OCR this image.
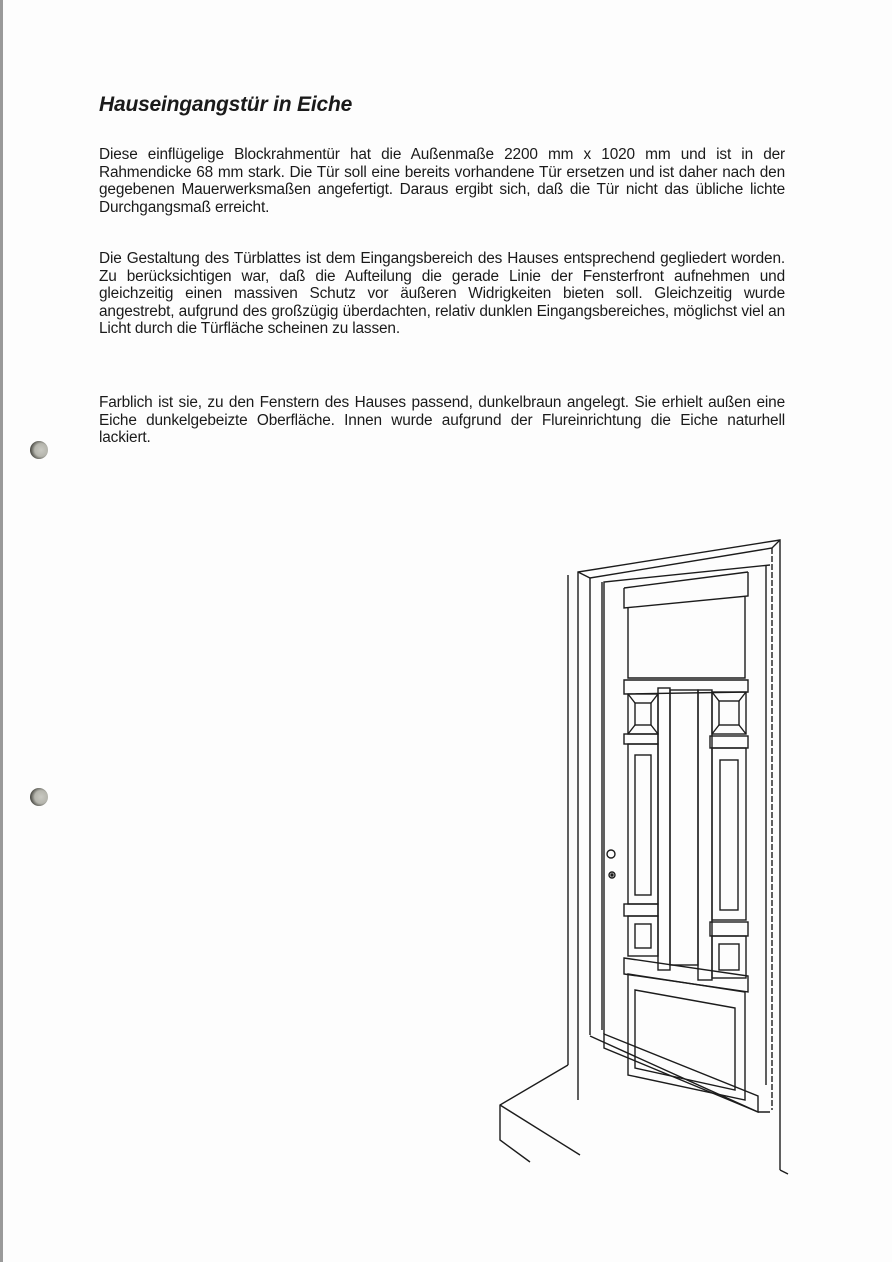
Hauseingangstür in Eiche

Diese einflügelige Blockrahmentür hat die Außenmaße 2200 mm x 1020 mm und ist in der Rahmendicke 68 mm stark. Die Tür soll eine bereits vorhandene Tür ersetzen und ist daher nach den gegebenen Mauerwerksmaßen angefertigt. Daraus ergibt sich, daß die Tür nicht das übliche lichte Durchgangsmaß erreicht.

Die Gestaltung des Türblattes ist dem Eingangsbereich des Hauses entsprechend gegliedert worden. Zu berücksichtigen war, daß die Aufteilung die gerade Linie der Fensterfront aufnehmen und gleichzeitig einen massiven Schutz vor äußeren Widrigkeiten bieten soll. Gleichzeitig wurde angestrebt, aufgrund des großzügig überdachten, relativ dunklen Eingangsbereiches, möglichst viel an Licht durch die Türfläche scheinen zu lassen.

Farblich ist sie, zu den Fenstern des Hauses passend, dunkelbraun angelegt. Sie erhielt außen eine Eiche dunkelgebeizte Oberfläche. Innen wurde aufgrund der Flureinrichtung die Eiche naturhell lackiert.
